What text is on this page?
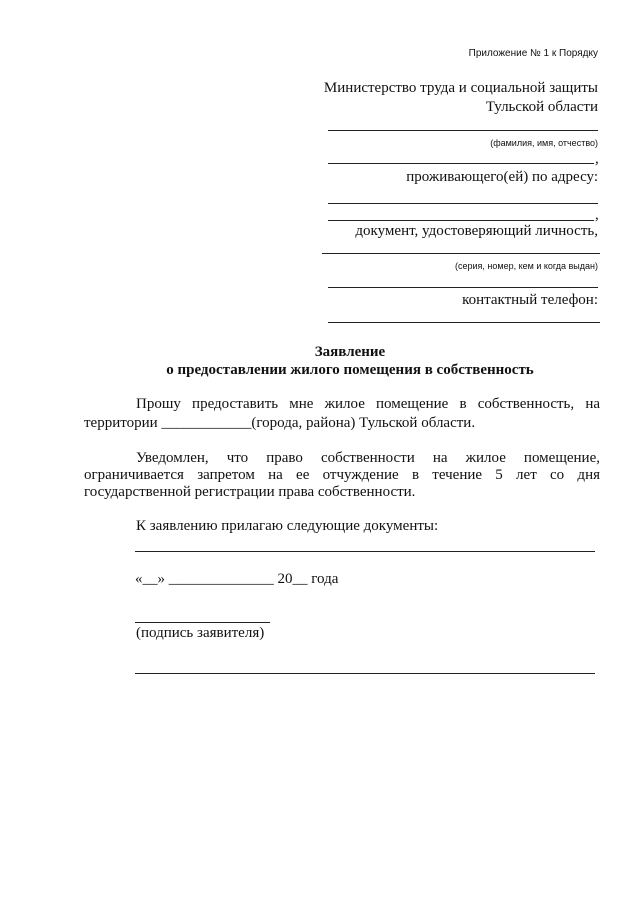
Приложение № 1 к Порядку
Министерство труда и социальной защиты
Тульской области
(фамилия, имя, отчество)
,
проживающего(ей) по адресу:
,
документ, удостоверяющий личность,
(серия, номер, кем и когда выдан)
контактный телефон:
Заявление
о предоставлении жилого помещения в собственность
Прошу предоставить мне жилое помещение в собственность, на
территории ____________(города, района) Тульской области.
Уведомлен, что право собственности на жилое помещение,
ограничивается запретом на ее отчуждение в течение 5 лет со дня
государственной регистрации права собственности.
К заявлению прилагаю следующие документы:
«__» ______________ 20__ года
(подпись заявителя)
